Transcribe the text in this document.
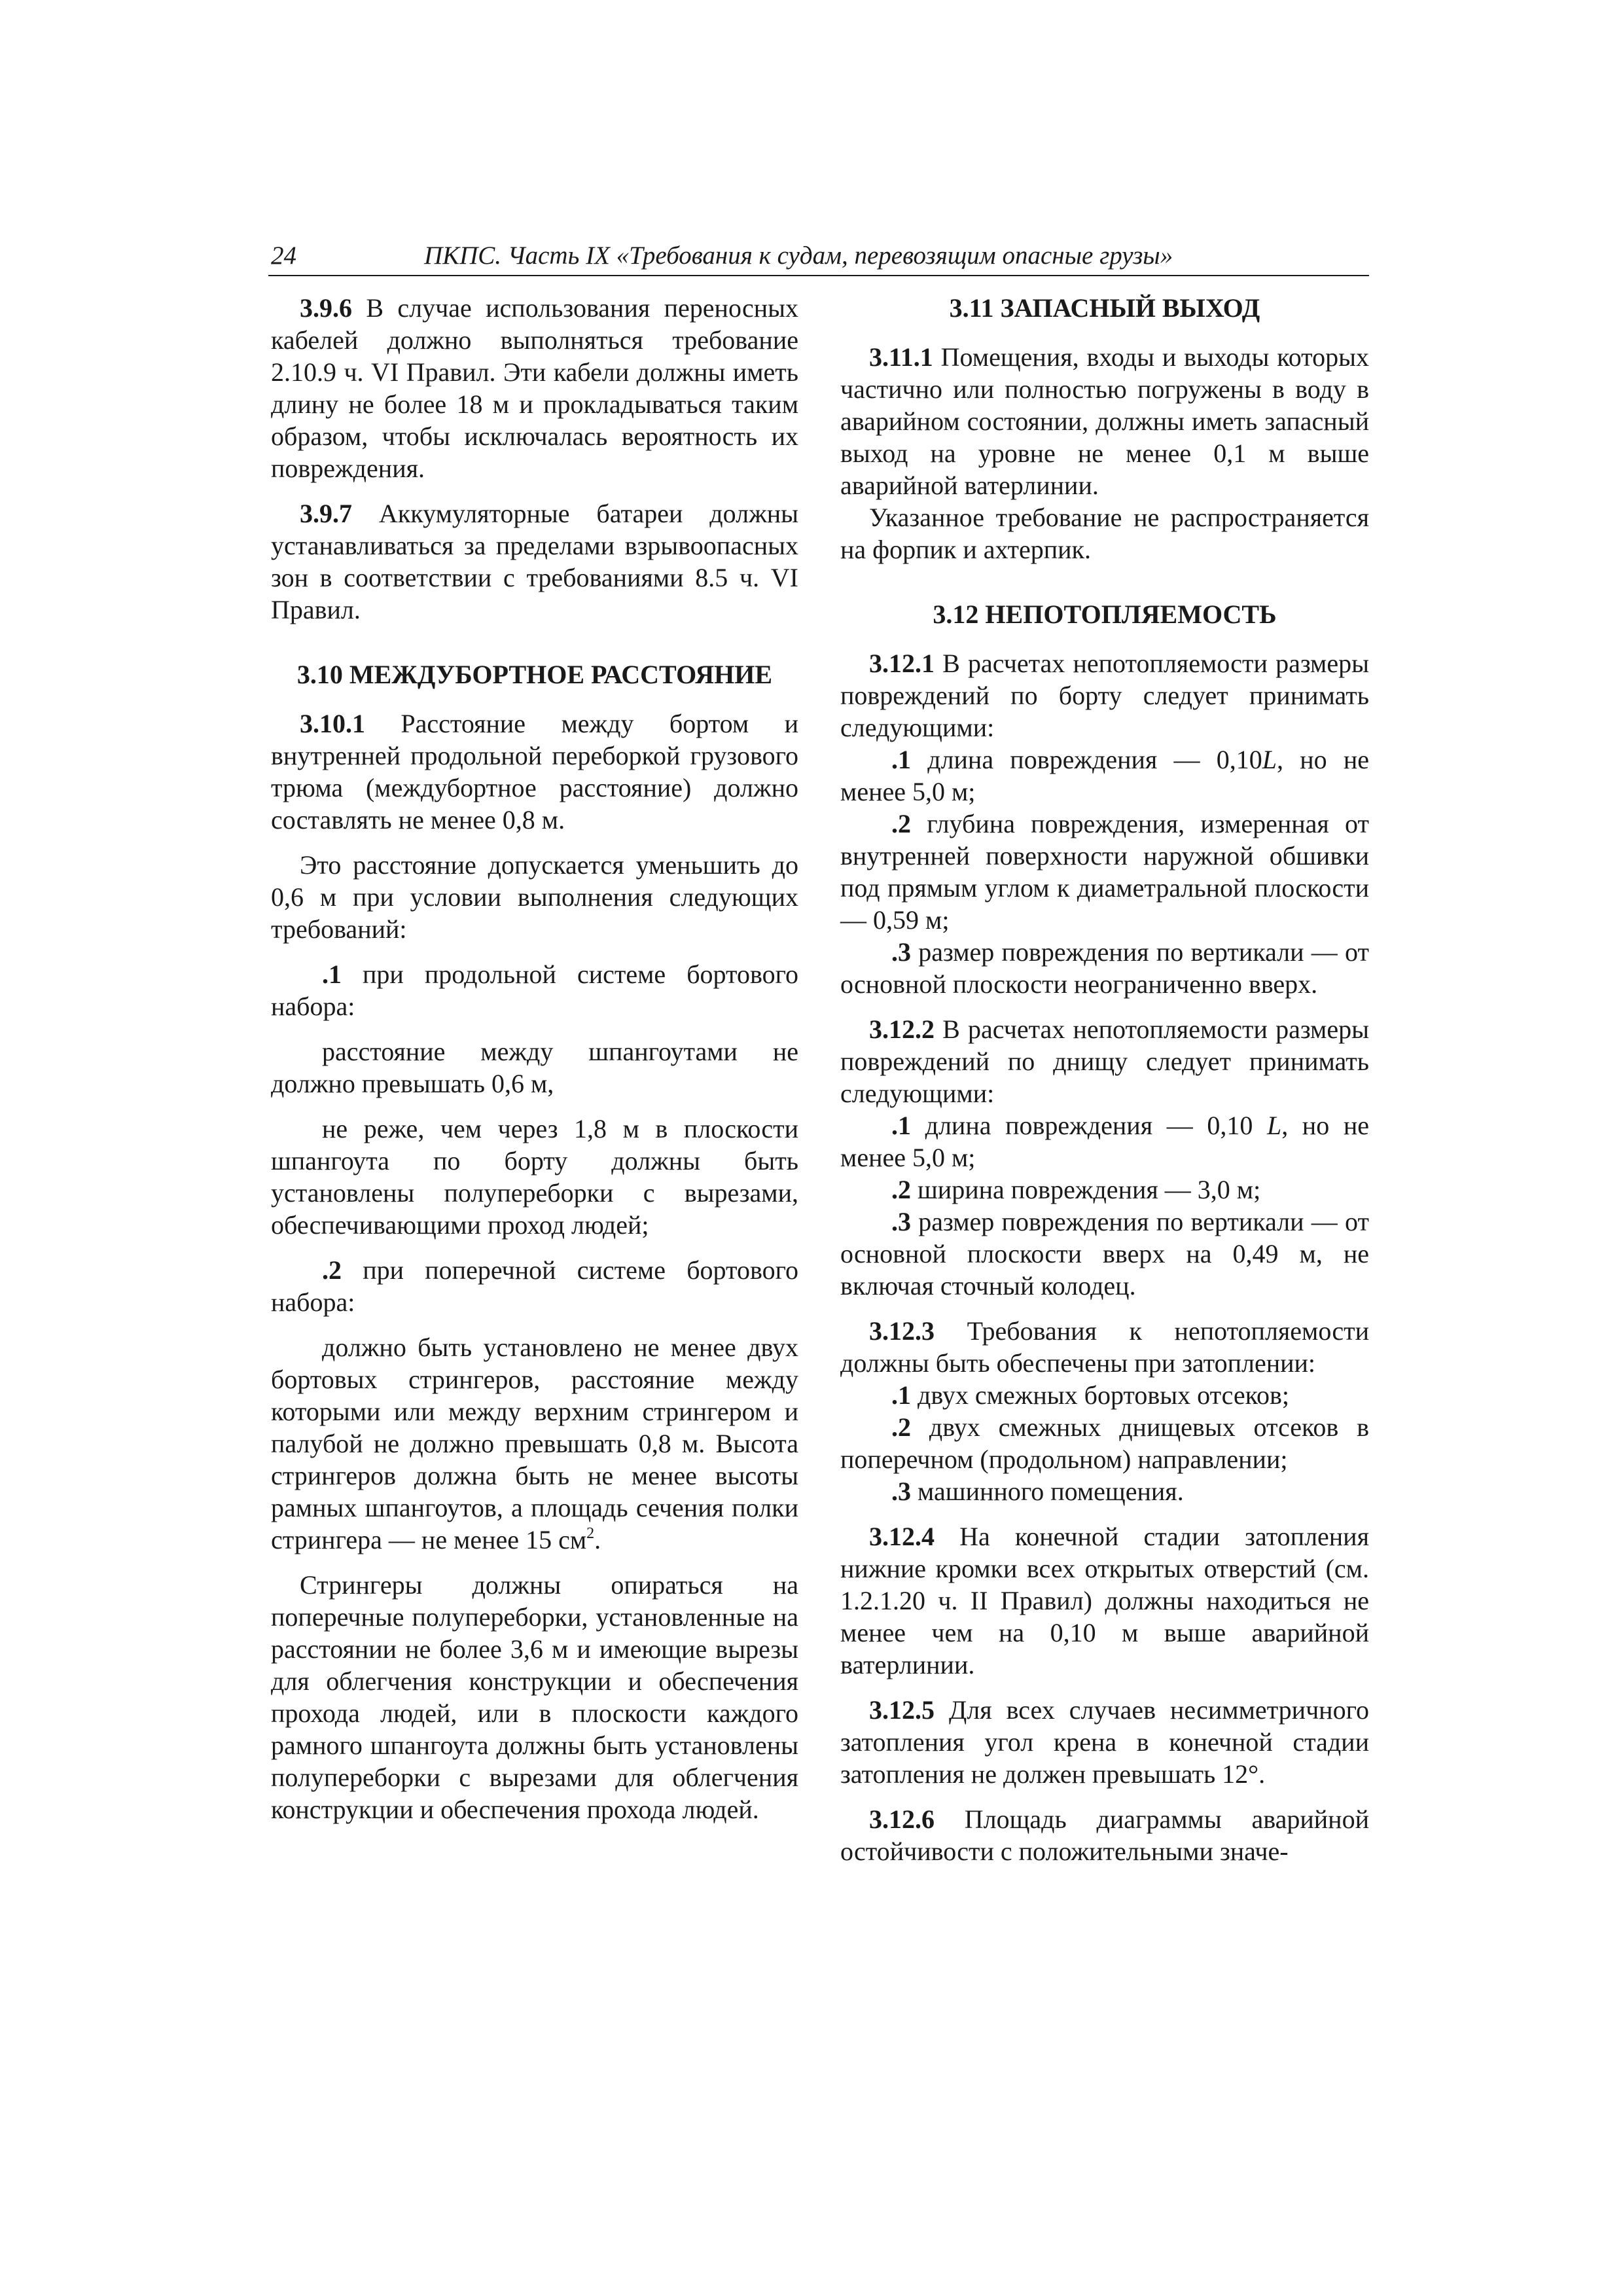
24	ПКПС. Часть IX «Требования к судам, перевозящим опасные грузы»

3.9.6 В случае использования переносных кабелей должно выполняться требование 2.10.9 ч. VI Правил. Эти кабели должны иметь длину не более 18 м и прокладываться таким образом, чтобы исключалась вероятность их повреждения.

3.9.7 Аккумуляторные батареи должны устанавливаться за пределами взрывоопасных зон в соответствии с требованиями 8.5 ч. VI Правил.

3.10 МЕЖДУБОРТНОЕ РАССТОЯНИЕ

3.10.1 Расстояние между бортом и внутренней продольной переборкой грузового трюма (междубортное расстояние) должно составлять не менее 0,8 м.

Это расстояние допускается уменьшить до 0,6 м при условии выполнения следующих требований:

.1 при продольной системе бортового набора:

расстояние между шпангоутами не должно превышать 0,6 м,

не реже, чем через 1,8 м в плоскости шпангоута по борту должны быть установлены полупереборки с вырезами, обеспечивающими проход людей;

.2 при поперечной системе бортового набора:

должно быть установлено не менее двух бортовых стрингеров, расстояние между которыми или между верхним стрингером и палубой не должно превышать 0,8 м. Высота стрингеров должна быть не менее высоты рамных шпангоутов, а площадь сечения полки стрингера — не менее 15 $см^2$.

Стрингеры должны опираться на поперечные полупереборки, установленные на расстоянии не более 3,6 м и имеющие вырезы для облегчения конструкции и обеспечения прохода людей, или в плоскости каждого рамного шпангоута должны быть установлены полупереборки с вырезами для облегчения конструкции и обеспечения прохода людей.

3.11 ЗАПАСНЫЙ ВЫХОД

3.11.1 Помещения, входы и выходы которых частично или полностью погружены в воду в аварийном состоянии, должны иметь запасный выход на уровне не менее 0,1 м выше аварийной ватерлинии.

Указанное требование не распространяется на форпик и ахтерпик.

3.12 НЕПОТОПЛЯЕМОСТЬ

3.12.1 В расчетах непотопляемости размеры повреждений по борту следует принимать следующими:

.1 длина повреждения — 0,10L, но не менее 5,0 м;

.2 глубина повреждения, измеренная от внутренней поверхности наружной обшивки под прямым углом к диаметральной плоскости — 0,59 м;

.3 размер повреждения по вертикали — от основной плоскости неограниченно вверх.

3.12.2 В расчетах непотопляемости размеры повреждений по днищу следует принимать следующими:

.1 длина повреждения — 0,10 L, но не менее 5,0 м;

.2 ширина повреждения — 3,0 м;

.3 размер повреждения по вертикали — от основной плоскости вверх на 0,49 м, не включая сточный колодец.

3.12.3 Требования к непотопляемости должны быть обеспечены при затоплении:

.1 двух смежных бортовых отсеков;

.2 двух смежных днищевых отсеков в поперечном (продольном) направлении;

.3 машинного помещения.

3.12.4 На конечной стадии затопления нижние кромки всех открытых отверстий (см. 1.2.1.20 ч. II Правил) должны находиться не менее чем на 0,10 м выше аварийной ватерлинии.

3.12.5 Для всех случаев несимметричного затопления угол крена в конечной стадии затопления не должен превышать 12°.

3.12.6 Площадь диаграммы аварийной остойчивости с положительными значе-
